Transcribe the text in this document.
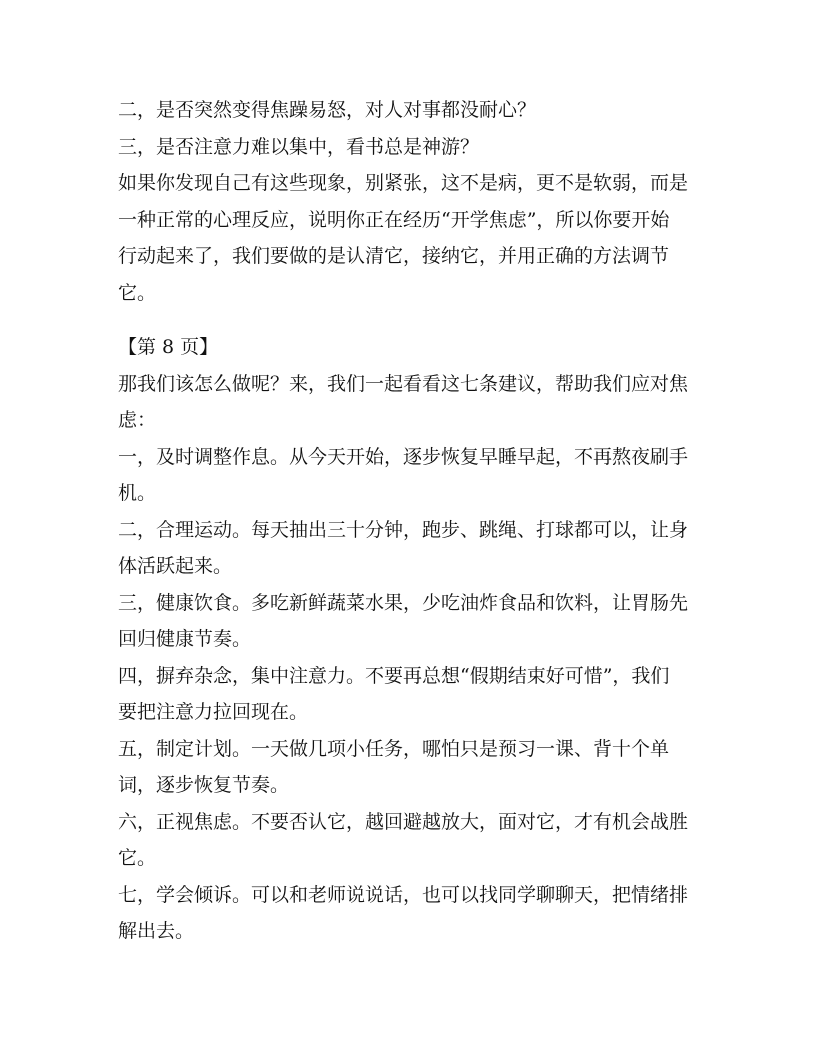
二，是否突然变得焦躁易怒，对人对事都没耐心？

三，是否注意力难以集中，看书总是神游？

如果你发现自己有这些现象，别紧张，这不是病，更不是软弱，而是一种正常的心理反应，说明你正在经历“开学焦虑”，所以你要开始行动起来了，我们要做的是认清它，接纳它，并用正确的方法调节它。

【第 8 页】

那我们该怎么做呢？来，我们一起看看这七条建议，帮助我们应对焦虑：

一，及时调整作息。从今天开始，逐步恢复早睡早起，不再熬夜刷手机。

二，合理运动。每天抽出三十分钟，跑步、跳绳、打球都可以，让身体活跃起来。

三，健康饮食。多吃新鲜蔬菜水果，少吃油炸食品和饮料，让胃肠先回归健康节奏。

四，摒弃杂念，集中注意力。不要再总想“假期结束好可惜”，我们要把注意力拉回现在。

五，制定计划。一天做几项小任务，哪怕只是预习一课、背十个单词，逐步恢复节奏。

六，正视焦虑。不要否认它，越回避越放大，面对它，才有机会战胜它。

七，学会倾诉。可以和老师说说话，也可以找同学聊聊天，把情绪排解出去。
